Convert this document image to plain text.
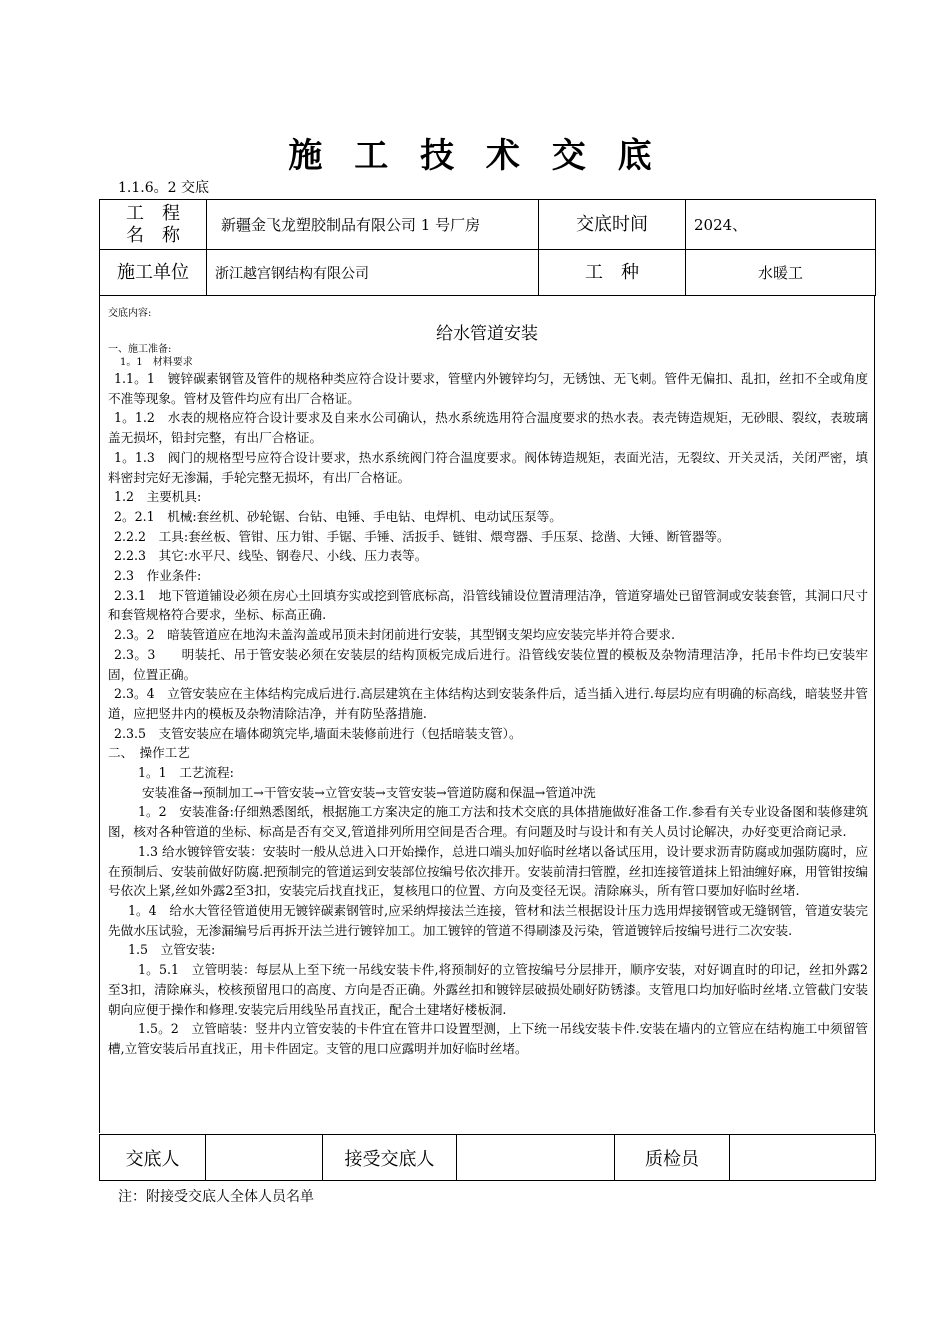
施 工 技 术 交 底
1.1.6。2 交底
工　程
名　称	新疆金飞龙塑胶制品有限公司 1 号厂房	交底时间	2024、
施工单位	浙江越宫钢结构有限公司	工　种	水暖工
交底内容:
给水管道安装

一、施工准备:

1。1　材料要求

1.1。1　镀锌碳素钢管及管件的规格种类应符合设计要求，管壁内外镀锌均匀，无锈蚀、无飞刺。管件无偏扣、乱扣，丝扣不全或角度不准等现象。管材及管件均应有出厂合格证。

1。1.2　水表的规格应符合设计要求及自来水公司确认，热水系统选用符合温度要求的热水表。表壳铸造规矩，无砂眼、裂纹，表玻璃盖无损坏，铅封完整，有出厂合格证。

1。1.3　阀门的规格型号应符合设计要求，热水系统阀门符合温度要求。阀体铸造规矩，表面光洁，无裂纹、开关灵活，关闭严密，填料密封完好无渗漏，手轮完整无损坏，有出厂合格证。

1.2　主要机具:

2。2.1　机械:套丝机、砂轮锯、台钻、电锤、手电钻、电焊机、电动试压泵等。

2.2.2　工具:套丝板、管钳、压力钳、手锯、手锤、活扳手、链钳、煨弯器、手压泵、捻凿、大锤、断管器等。

2.2.3　其它:水平尺、线坠、钢卷尺、小线、压力表等。

2.3　作业条件:

2.3.1　地下管道铺设必须在房心土回填夯实或挖到管底标高，沿管线铺设位置清理洁净，管道穿墙处已留管洞或安装套管，其洞口尺寸和套管规格符合要求，坐标、标高正确.

2.3。2　暗装管道应在地沟未盖沟盖或吊顶未封闭前进行安装，其型钢支架均应安装完毕并符合要求.

2.3。3　　明装托、吊于管安装必须在安装层的结构顶板完成后进行。沿管线安装位置的模板及杂物清理洁净，托吊卡件均已安装牢固，位置正确。

2.3。4　立管安装应在主体结构完成后进行.高层建筑在主体结构达到安装条件后，适当插入进行.每层均应有明确的标高线，暗装竖井管道，应把竖井内的模板及杂物清除洁净，并有防坠落措施.

2.3.5　支管安装应在墙体砌筑完毕,墙面未装修前进行（包括暗装支管）。

二、　操作工艺

1。1　工艺流程:

安装准备→预制加工→干管安装→立管安装→支管安装→管道防腐和保温→管道冲洗

1。2　安装准备:仔细熟悉图纸，根据施工方案决定的施工方法和技术交底的具体措施做好准备工作.参看有关专业设备图和装修建筑图，核对各种管道的坐标、标高是否有交叉,管道排列所用空间是否合理。有问题及时与设计和有关人员讨论解决，办好变更洽商记录.

1.3 给水镀锌管安装：安装时一般从总进入口开始操作，总进口端头加好临时丝堵以备试压用，设计要求沥青防腐或加强防腐时，应在预制后、安装前做好防腐.把预制完的管道运到安装部位按编号依次排开。安装前清扫管膛，丝扣连接管道抹上铅油缠好麻，用管钳按编号依次上紧,丝如外露2至3扣，安装完后找直找正，复核甩口的位置、方向及变径无误。清除麻头，所有管口要加好临时丝堵.

1。4　给水大管径管道使用无镀锌碳素钢管时,应采纳焊接法兰连接，管材和法兰根据设计压力选用焊接钢管或无缝钢管，管道安装完先做水压试验，无渗漏编号后再拆开法兰进行镀锌加工。加工镀锌的管道不得刷漆及污染，管道镀锌后按编号进行二次安装.

1.5　立管安装:

1。5.1　立管明装：每层从上至下统一吊线安装卡件,将预制好的立管按编号分层排开，顺序安装，对好调直时的印记，丝扣外露2至3扣，清除麻头，校核预留甩口的高度、方向是否正确。外露丝扣和镀锌层破损处刷好防锈漆。支管甩口均加好临时丝堵.立管截门安装朝向应便于操作和修理.安装完后用线坠吊直找正，配合土建堵好楼板洞.

1.5。2　立管暗装：竖井内立管安装的卡件宜在管井口设置型测，上下统一吊线安装卡件.安装在墙内的立管应在结构施工中须留管槽,立管安装后吊直找正，用卡件固定。支管的甩口应露明并加好临时丝堵。

交底人		接受交底人		质检员	
注：附接受交底人全体人员名单
